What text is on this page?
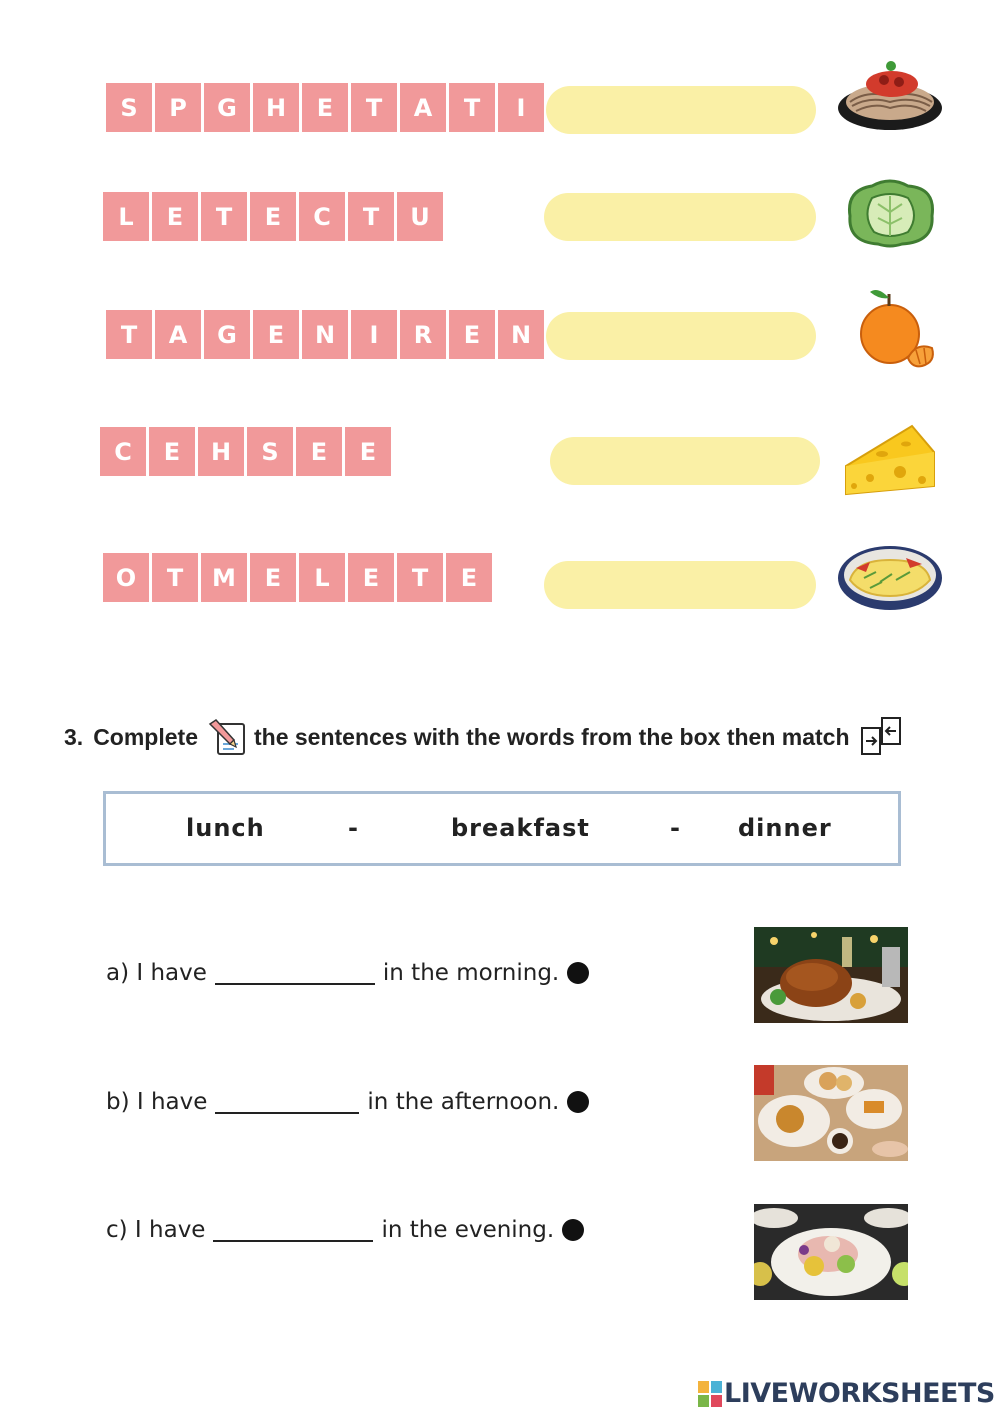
S	P	G	H	E	T	A	T	I
L	E	T	E	C	T	U
T	A	G	E	N	I	R	E	N
C	E	H	S	E	E
O	T	M	E	L	E	T	E
3. Complete the sentences with the words from the box then match
lunch	-	breakfast	- dinner
a) I have	in the morning.
b) I have	in the afternoon.
c) I have	in the evening.
LIVEWORKSHEETS
